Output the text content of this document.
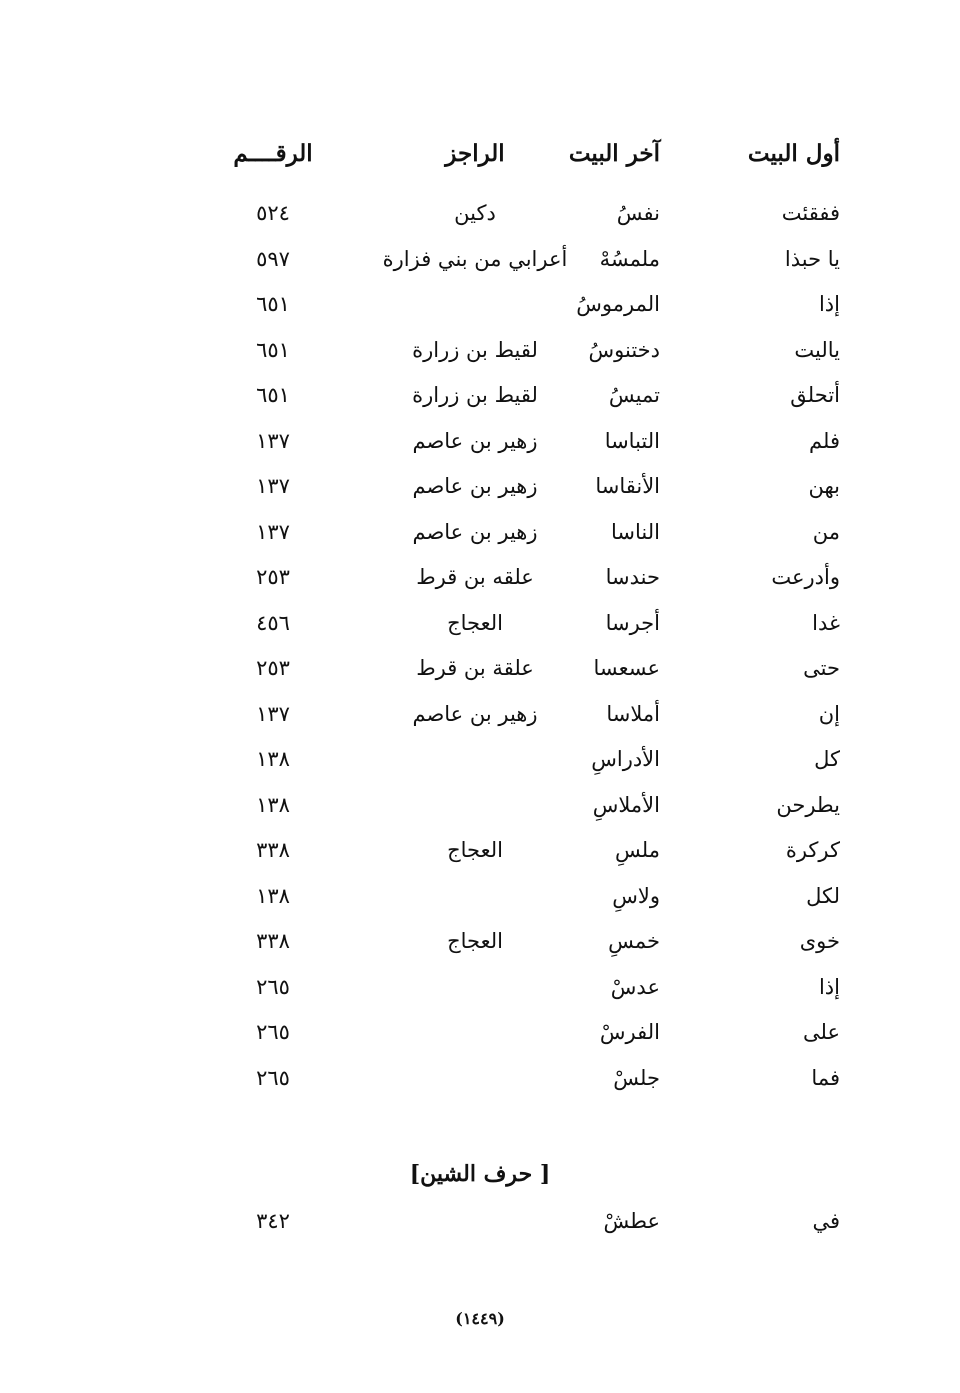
أول البيت
آخر البيت
الراجز
الرقــــم
ففقئت
نفسُ
دكين
٥٢٤
يا حبذا
ملمسُهْ
أعرابي من بني فزارة
٥٩٧
إذا
المرموسُ
٦٥١
ياليت
دختنوسُ
لقيط بن زرارة
٦٥١
أتحلق
تميسُ
لقيط بن زرارة
٦٥١
فلم
التباسا
زهير بن عاصم
١٣٧
بهن
الأنقاسا
زهير بن عاصم
١٣٧
من
الناسا
زهير بن عاصم
١٣٧
وأدرعت
حندسا
علقه بن قرط
٢٥٣
غدا
أجرسا
العجاج
٤٥٦
حتى
عسعسا
علقة بن قرط
٢٥٣
إن
أملاسا
زهير بن عاصم
١٣٧
كل
الأدراسِ
١٣٨
يطرحن
الأملاسِ
١٣٨
كركرة
ملسِ
العجاج
٣٣٨
لكل
ولاسِ
١٣٨
خوى
خمسِ
العجاج
٣٣٨
إذا
عدسْ
٢٦٥
على
الفرسْ
٢٦٥
فما
جلسْ
٢٦٥
[ حرف الشين]
في
عطشْ
٣٤٢
(١٤٤٩)
